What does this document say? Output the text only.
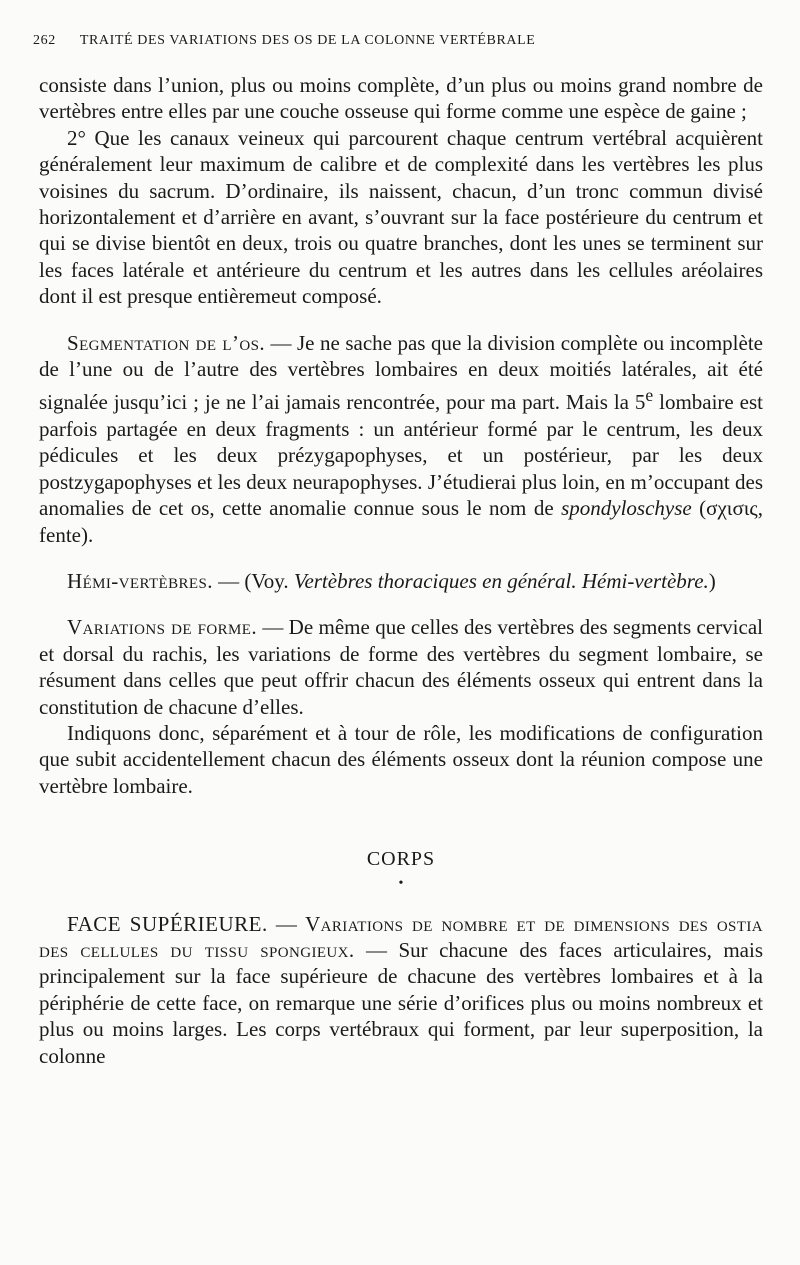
262 TRAITÉ DES VARIATIONS DES OS DE LA COLONNE VERTÉBRALE

consiste dans l’union, plus ou moins complète, d’un plus ou moins grand nombre de vertèbres entre elles par une couche osseuse qui forme comme une espèce de gaine ;

2° Que les canaux veineux qui parcourent chaque centrum vertébral acquièrent généralement leur maximum de calibre et de complexité dans les vertèbres les plus voisines du sacrum. D’ordinaire, ils naissent, chacun, d’un tronc commun divisé horizontalement et d’arrière en avant, s’ouvrant sur la face postérieure du centrum et qui se divise bientôt en deux, trois ou quatre branches, dont les unes se terminent sur les faces latérale et antérieure du centrum et les autres dans les cellules aréolaires dont il est presque entièremeut composé.

Segmentation de l’os. — Je ne sache pas que la division complète ou incomplète de l’une ou de l’autre des vertèbres lombaires en deux moitiés latérales, ait été signalée jusqu’ici ; je ne l’ai jamais rencontrée, pour ma part. Mais la 5e lombaire est parfois partagée en deux fragments : un antérieur formé par le centrum, les deux pédicules et les deux prézygapophyses, et un postérieur, par les deux postzygapophyses et les deux neurapophyses. J’étudierai plus loin, en m’occupant des anomalies de cet os, cette anomalie connue sous le nom de spondyloschyse (σχισις, fente).

Hémi-vertèbres. — (Voy. Vertèbres thoraciques en général. Hémi-vertèbre.)

Variations de forme. — De même que celles des vertèbres des segments cervical et dorsal du rachis, les variations de forme des vertèbres du segment lombaire, se résument dans celles que peut offrir chacun des éléments osseux qui entrent dans la constitution de chacune d’elles.

Indiquons donc, séparément et à tour de rôle, les modifications de configuration que subit accidentellement chacun des éléments osseux dont la réunion compose une vertèbre lombaire.

CORPS

•

FACE SUPÉRIEURE. — Variations de nombre et de dimensions des ostia des cellules du tissu spongieux. — Sur chacune des faces articulaires, mais principalement sur la face supérieure de chacune des vertèbres lombaires et à la périphérie de cette face, on remarque une série d’orifices plus ou moins nombreux et plus ou moins larges. Les corps vertébraux qui forment, par leur superposition, la colonne
